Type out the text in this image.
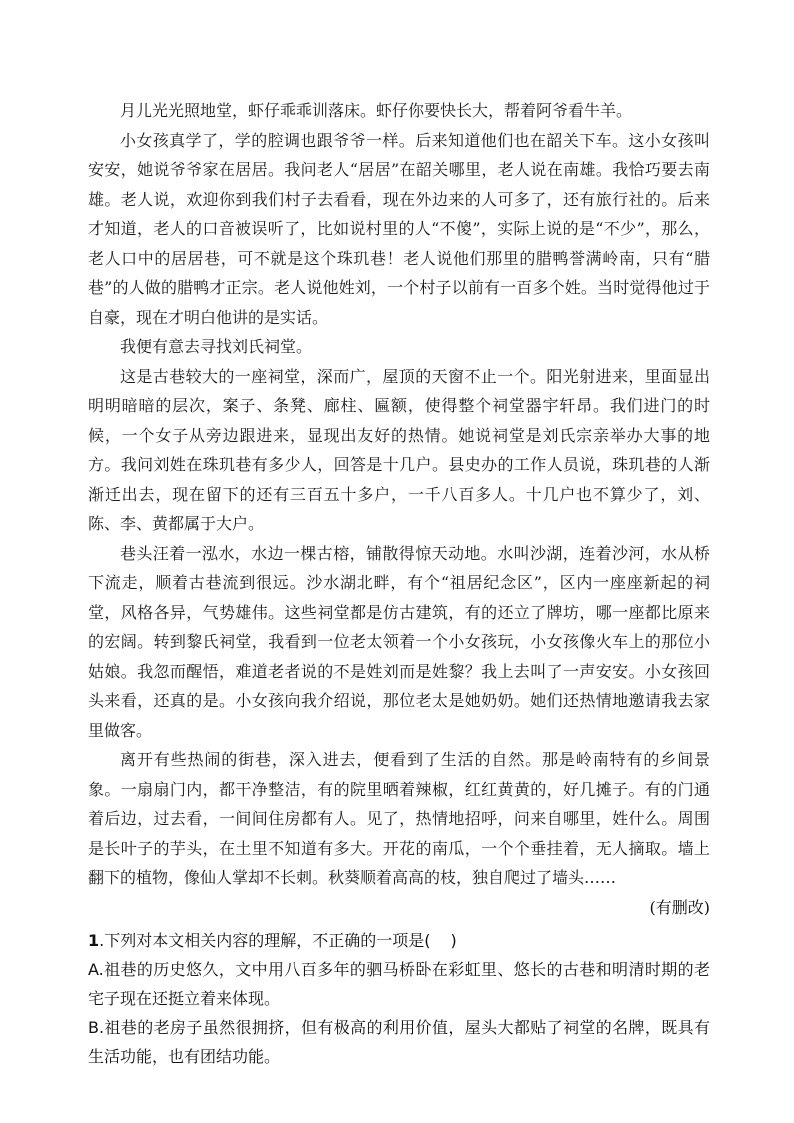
月儿光光照地堂，虾仔乖乖训落床。虾仔你要快长大，帮着阿爷看牛羊。

小女孩真学了，学的腔调也跟爷爷一样。后来知道他们也在韶关下车。这小女孩叫安安，她说爷爷家在居居。我问老人“居居”在韶关哪里，老人说在南雄。我恰巧要去南雄。老人说，欢迎你到我们村子去看看，现在外边来的人可多了，还有旅行社的。后来才知道，老人的口音被误听了，比如说村里的人“不傻”，实际上说的是“不少”，那么，老人口中的居居巷，可不就是这个珠玑巷！老人说他们那里的腊鸭誉满岭南，只有“腊巷”的人做的腊鸭才正宗。老人说他姓刘，一个村子以前有一百多个姓。当时觉得他过于自豪，现在才明白他讲的是实话。

我便有意去寻找刘氏祠堂。

这是古巷较大的一座祠堂，深而广，屋顶的天窗不止一个。阳光射进来，里面显出明明暗暗的层次，案子、条凳、廊柱、匾额，使得整个祠堂器宇轩昂。我们进门的时候，一个女子从旁边跟进来，显现出友好的热情。她说祠堂是刘氏宗亲举办大事的地方。我问刘姓在珠玑巷有多少人，回答是十几户。县史办的工作人员说，珠玑巷的人渐渐迁出去，现在留下的还有三百五十多户，一千八百多人。十几户也不算少了，刘、陈、李、黄都属于大户。

巷头汪着一泓水，水边一棵古榕，铺散得惊天动地。水叫沙湖，连着沙河，水从桥下流走，顺着古巷流到很远。沙水湖北畔，有个“祖居纪念区”，区内一座座新起的祠堂，风格各异，气势雄伟。这些祠堂都是仿古建筑，有的还立了牌坊，哪一座都比原来的宏阔。转到黎氏祠堂，我看到一位老太领着一个小女孩玩，小女孩像火车上的那位小姑娘。我忽而醒悟，难道老者说的不是姓刘而是姓黎？我上去叫了一声安安。小女孩回头来看，还真的是。小女孩向我介绍说，那位老太是她奶奶。她们还热情地邀请我去家里做客。

离开有些热闹的街巷，深入进去，便看到了生活的自然。那是岭南特有的乡间景象。一扇扇门内，都干净整洁，有的院里晒着辣椒，红红黄黄的，好几摊子。有的门通着后边，过去看，一间间住房都有人。见了，热情地招呼，问来自哪里，姓什么。周围是长叶子的芋头，在土里不知道有多大。开花的南瓜，一个个垂挂着，无人摘取。墙上翻下的植物，像仙人掌却不长刺。秋葵顺着高高的枝，独自爬过了墙头……

(有删改)

1.下列对本文相关内容的理解，不正确的一项是( )

A.祖巷的历史悠久，文中用八百多年的驷马桥卧在彩虹里、悠长的古巷和明清时期的老宅子现在还挺立着来体现。

B.祖巷的老房子虽然很拥挤，但有极高的利用价值，屋头大都贴了祠堂的名牌，既具有生活功能，也有团结功能。
